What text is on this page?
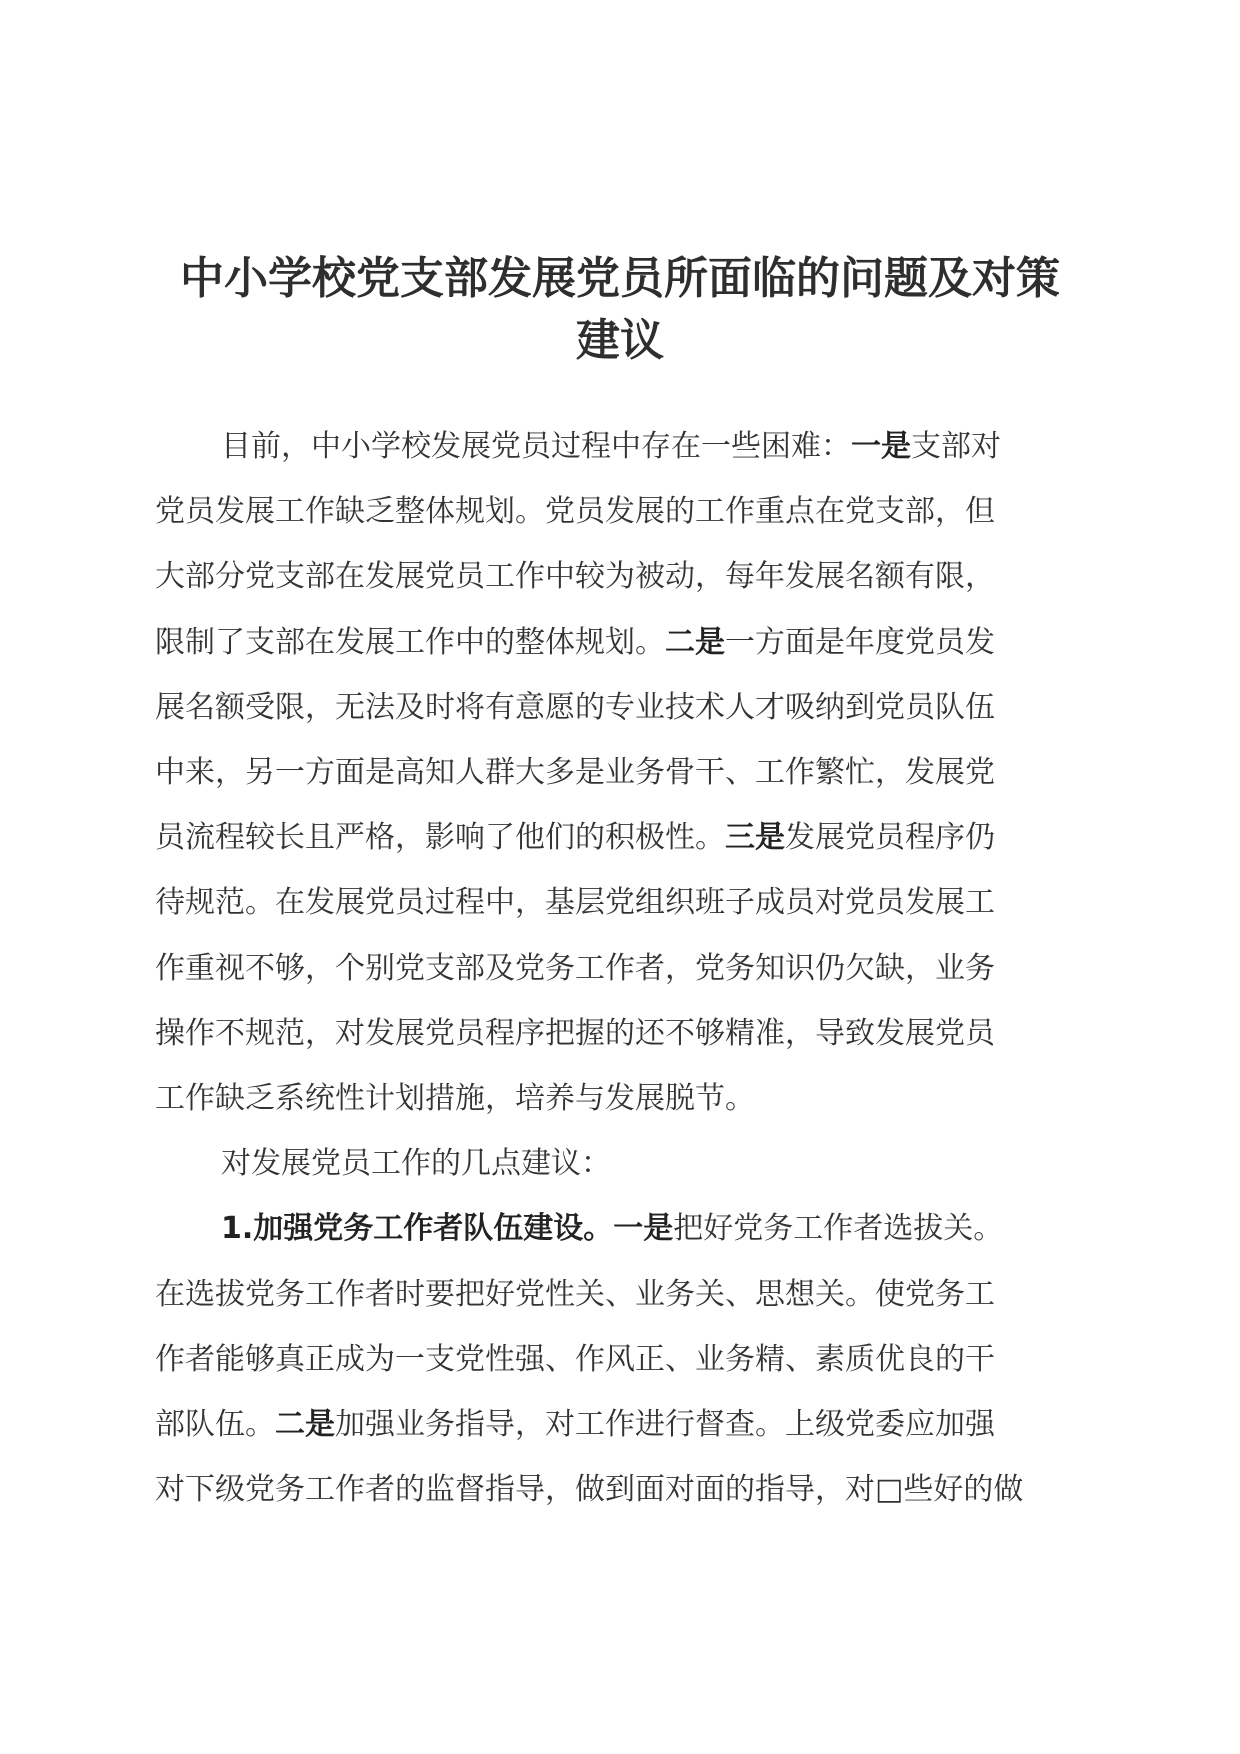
中小学校党支部发展党员所面临的问题及对策
建议

目前，中小学校发展党员过程中存在一些困难：一是支部对
党员发展工作缺乏整体规划。党员发展的工作重点在党支部，但
大部分党支部在发展党员工作中较为被动，每年发展名额有限，
限制了支部在发展工作中的整体规划。二是一方面是年度党员发
展名额受限，无法及时将有意愿的专业技术人才吸纳到党员队伍
中来，另一方面是高知人群大多是业务骨干、工作繁忙，发展党
员流程较长且严格，影响了他们的积极性。三是发展党员程序仍
待规范。在发展党员过程中，基层党组织班子成员对党员发展工
作重视不够，个别党支部及党务工作者，党务知识仍欠缺，业务
操作不规范，对发展党员程序把握的还不够精准，导致发展党员
工作缺乏系统性计划措施，培养与发展脱节。

对发展党员工作的几点建议：

1.加强党务工作者队伍建设。一是把好党务工作者选拔关。
在选拔党务工作者时要把好党性关、业务关、思想关。使党务工
作者能够真正成为一支党性强、作风正、业务精、素质优良的干
部队伍。二是加强业务指导，对工作进行督查。上级党委应加强
对下级党务工作者的监督指导，做到面对面的指导，对□些好的做
